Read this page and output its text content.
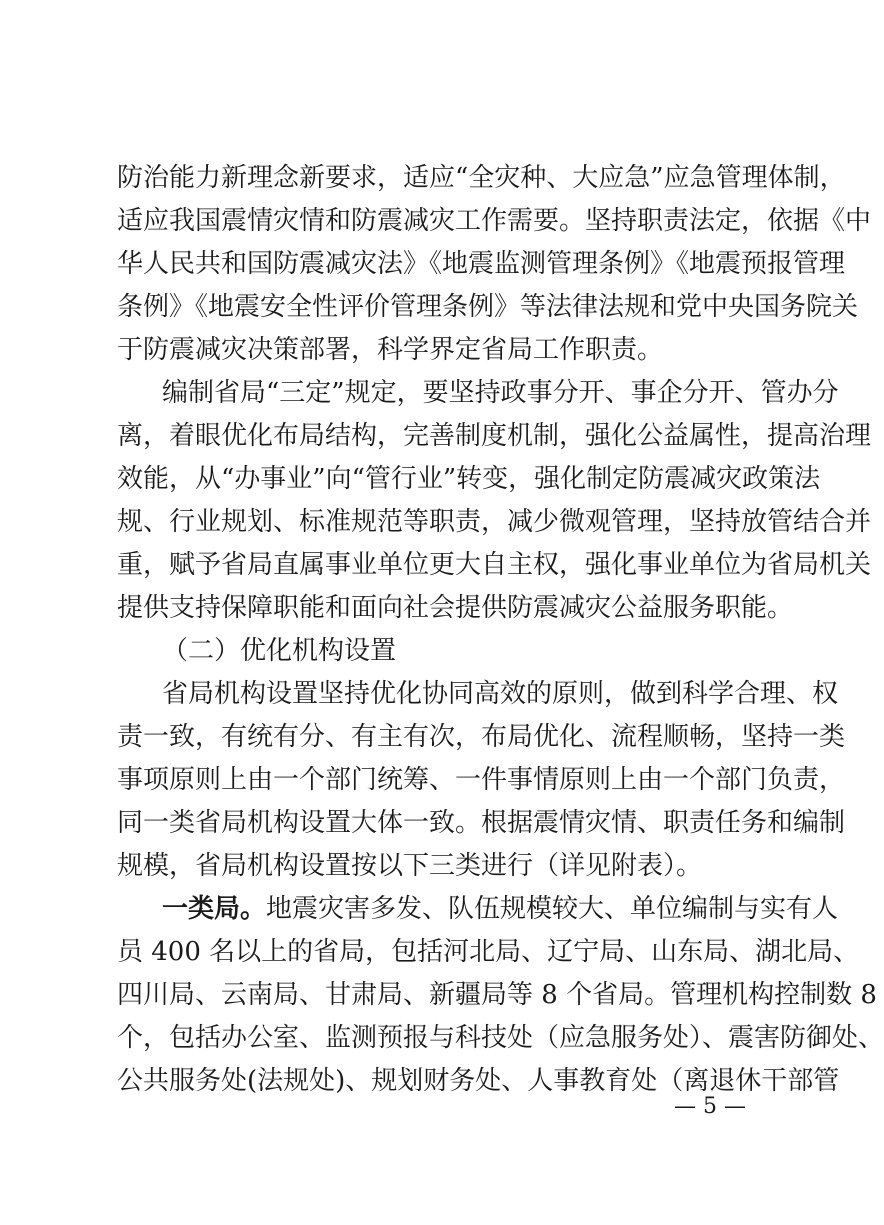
防治能力新理念新要求，适应“全灾种、大应急”应急管理体制，
适应我国震情灾情和防震减灾工作需要。坚持职责法定，依据《中
华人民共和国防震减灾法》《地震监测管理条例》《地震预报管理
条例》《地震安全性评价管理条例》等法律法规和党中央国务院关
于防震减灾决策部署，科学界定省局工作职责。
编制省局“三定”规定，要坚持政事分开、事企分开、管办分
离，着眼优化布局结构，完善制度机制，强化公益属性，提高治理
效能，从“办事业”向“管行业”转变，强化制定防震减灾政策法
规、行业规划、标准规范等职责，减少微观管理，坚持放管结合并
重，赋予省局直属事业单位更大自主权，强化事业单位为省局机关
提供支持保障职能和面向社会提供防震减灾公益服务职能。
（二）优化机构设置
省局机构设置坚持优化协同高效的原则，做到科学合理、权
责一致，有统有分、有主有次，布局优化、流程顺畅，坚持一类
事项原则上由一个部门统筹、一件事情原则上由一个部门负责，
同一类省局机构设置大体一致。根据震情灾情、职责任务和编制
规模，省局机构设置按以下三类进行（详见附表）。
一类局。地震灾害多发、队伍规模较大、单位编制与实有人
员 400 名以上的省局，包括河北局、辽宁局、山东局、湖北局、
四川局、云南局、甘肃局、新疆局等 8 个省局。管理机构控制数 8
个，包括办公室、监测预报与科技处（应急服务处）、震害防御处、
公共服务处(法规处)、规划财务处、人事教育处（离退休干部管
— 5 —
